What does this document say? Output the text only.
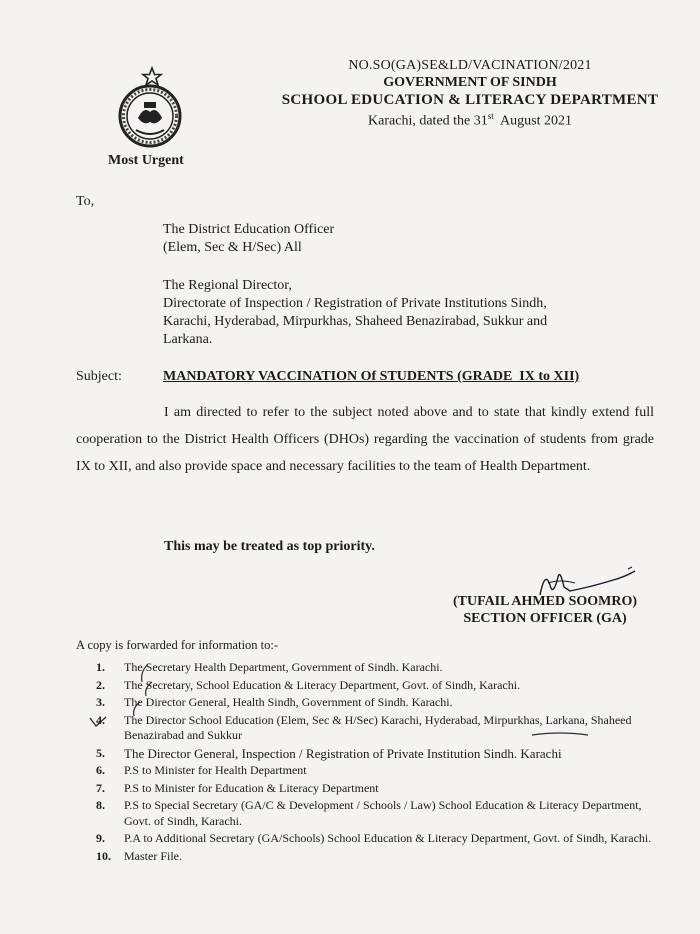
Most Urgent
NO.SO(GA)SE&LD/VACINATION/2021
GOVERNMENT OF SINDH
SCHOOL EDUCATION & LITERACY DEPARTMENT
Karachi, dated the 31st  August 2021
To,
The District Education Officer
(Elem, Sec & H/Sec) All
The Regional Director,
Directorate of Inspection / Registration of Private Institutions Sindh,
Karachi, Hyderabad, Mirpurkhas, Shaheed Benazirabad, Sukkur and
Larkana.
Subject:	MANDATORY VACCINATION Of STUDENTS (GRADE  IX to XII)
I am directed to refer to the subject noted above and to state that kindly extend full cooperation to the District Health Officers (DHOs) regarding the vaccination of students from grade IX to XII, and also provide space and necessary facilities to the team of Health Department.
This may be treated as top priority.
(TUFAIL AHMED SOOMRO)
SECTION OFFICER (GA)
A copy is forwarded for information to:-
1.	The Secretary Health Department, Government of Sindh. Karachi.
2.	The Secretary, School Education & Literacy Department, Govt. of Sindh, Karachi.
3.	The Director General, Health Sindh, Government of Sindh. Karachi.
4.	The Director School Education (Elem, Sec & H/Sec) Karachi, Hyderabad, Mirpurkhas, Larkana, Shaheed Benazirabad and Sukkur
5.	The Director General, Inspection / Registration of Private Institution Sindh. Karachi
6.	P.S to Minister for Health Department
7.	P.S to Minister for Education & Literacy Department
8.	P.S to Special Secretary (GA/C & Development / Schools / Law) School Education & Literacy Department, Govt. of Sindh, Karachi.
9.	P.A to Additional Secretary (GA/Schools) School Education & Literacy Department, Govt. of Sindh, Karachi.
10.	Master File.
